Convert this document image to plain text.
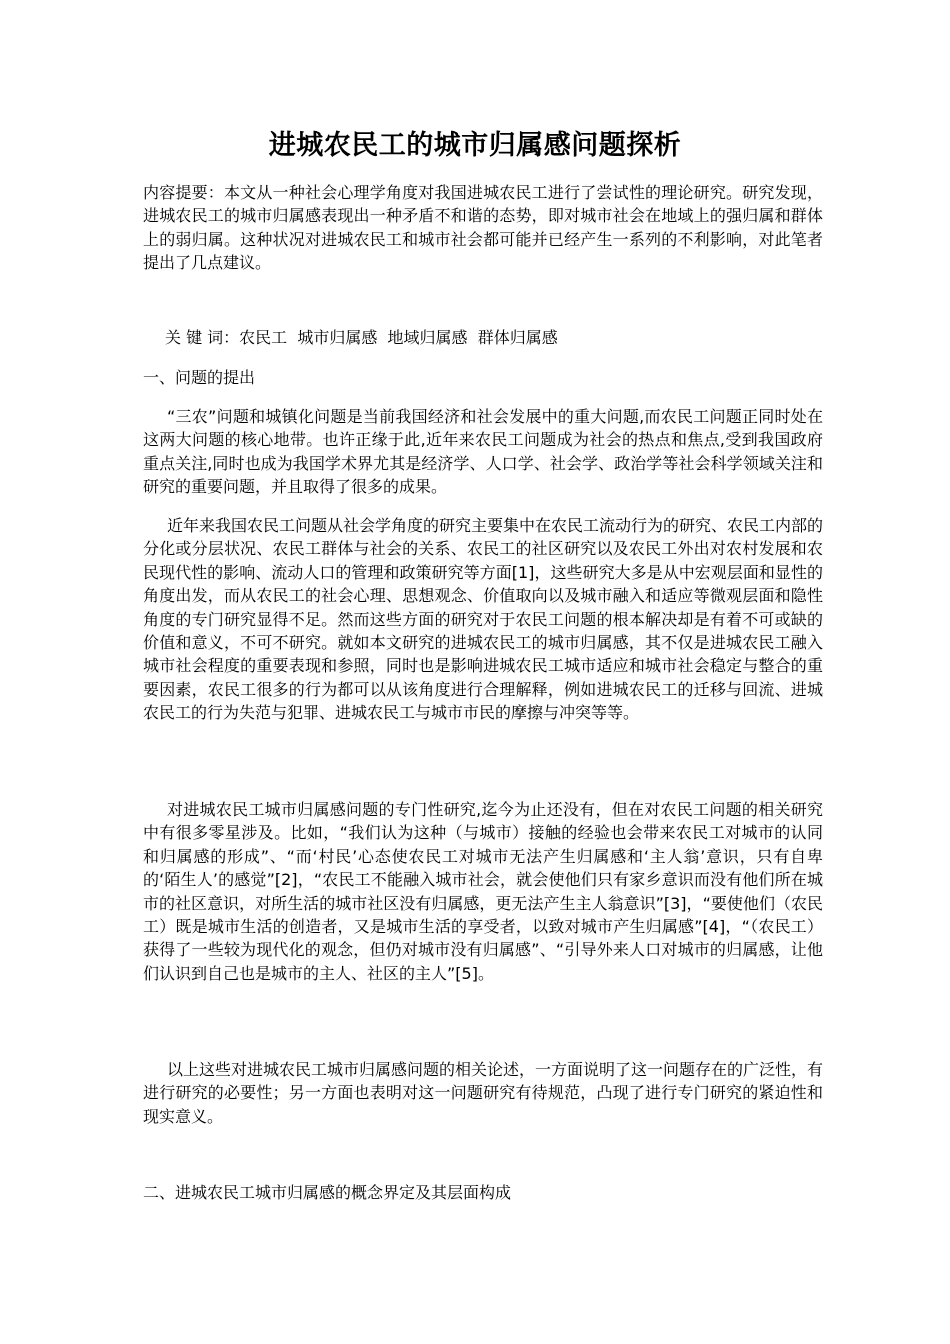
进城农民工的城市归属感问题探析

内容提要：本文从一种社会心理学角度对我国进城农民工进行了尝试性的理论研究。研究发现，进城农民工的城市归属感表现出一种矛盾不和谐的态势，即对城市社会在地域上的强归属和群体上的弱归属。这种状况对进城农民工和城市社会都可能并已经产生一系列的不利影响，对此笔者提出了几点建议。

关 键 词：农民工  城市归属感  地域归属感  群体归属感

一、问题的提出

“三农”问题和城镇化问题是当前我国经济和社会发展中的重大问题,而农民工问题正同时处在这两大问题的核心地带。也许正缘于此,近年来农民工问题成为社会的热点和焦点,受到我国政府重点关注,同时也成为我国学术界尤其是经济学、人口学、社会学、政治学等社会科学领域关注和研究的重要问题，并且取得了很多的成果。

近年来我国农民工问题从社会学角度的研究主要集中在农民工流动行为的研究、农民工内部的分化或分层状况、农民工群体与社会的关系、农民工的社区研究以及农民工外出对农村发展和农民现代性的影响、流动人口的管理和政策研究等方面[1]，这些研究大多是从中宏观层面和显性的角度出发，而从农民工的社会心理、思想观念、价值取向以及城市融入和适应等微观层面和隐性角度的专门研究显得不足。然而这些方面的研究对于农民工问题的根本解决却是有着不可或缺的价值和意义，不可不研究。就如本文研究的进城农民工的城市归属感，其不仅是进城农民工融入城市社会程度的重要表现和参照，同时也是影响进城农民工城市适应和城市社会稳定与整合的重要因素，农民工很多的行为都可以从该角度进行合理解释，例如进城农民工的迁移与回流、进城农民工的行为失范与犯罪、进城农民工与城市市民的摩擦与冲突等等。

对进城农民工城市归属感问题的专门性研究,迄今为止还没有，但在对农民工问题的相关研究中有很多零星涉及。比如，“我们认为这种（与城市）接触的经验也会带来农民工对城市的认同和归属感的形成”、“而‘村民’心态使农民工对城市无法产生归属感和‘主人翁’意识，只有自卑的‘陌生人’的感觉”[2]，“农民工不能融入城市社会，就会使他们只有家乡意识而没有他们所在城市的社区意识，对所生活的城市社区没有归属感，更无法产生主人翁意识”[3]，“要使他们（农民工）既是城市生活的创造者，又是城市生活的享受者，以致对城市产生归属感”[4]，“（农民工）获得了一些较为现代化的观念，但仍对城市没有归属感”、“引导外来人口对城市的归属感，让他们认识到自己也是城市的主人、社区的主人”[5]。

以上这些对进城农民工城市归属感问题的相关论述，一方面说明了这一问题存在的广泛性，有进行研究的必要性；另一方面也表明对这一问题研究有待规范，凸现了进行专门研究的紧迫性和现实意义。

二、进城农民工城市归属感的概念界定及其层面构成
